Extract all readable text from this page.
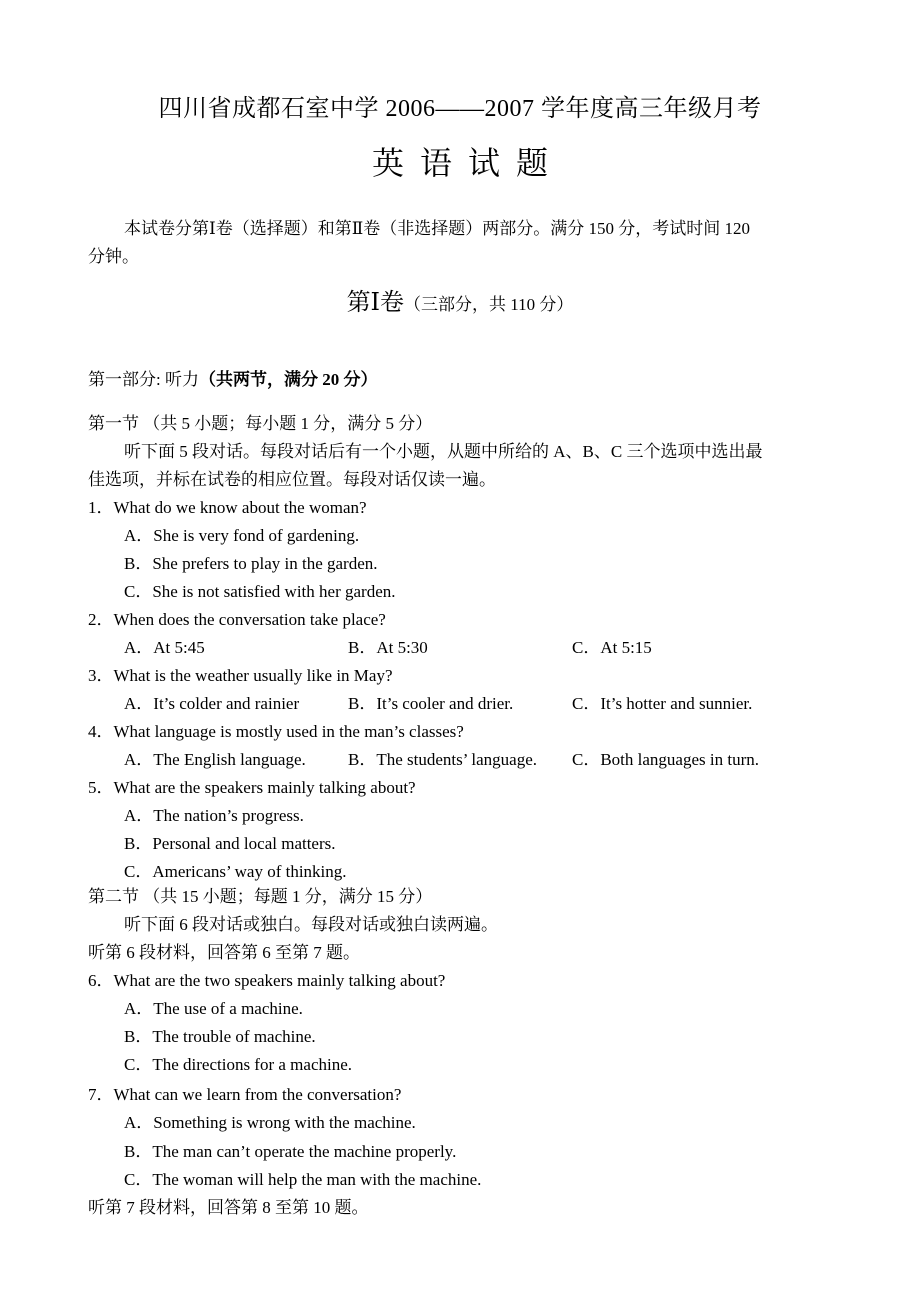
四川省成都石室中学 2006——2007 学年度高三年级月考
英语试题
本试卷分第Ⅰ卷（选择题）和第Ⅱ卷（非选择题）两部分。满分 150 分，考试时间 120
分钟。
第Ⅰ卷（三部分，共 110 分）
第一部分: 听力（共两节，满分 20 分）
第一节 （共 5 小题；每小题 1 分，满分 5 分）
听下面 5 段对话。每段对话后有一个小题，从题中所给的 A、B、C 三个选项中选出最
佳选项，并标在试卷的相应位置。每段对话仅读一遍。
1．What do we know about the woman?
A．She is very fond of gardening.
B．She prefers to play in the garden.
C．She is not satisfied with her garden.
2．When does the conversation take place?
A．At 5:45	B．At 5:30	C．At 5:15
3．What is the weather usually like in May?
A．It’s colder and rainier	B．It’s cooler and drier.	C．It’s hotter and sunnier.
4．What language is mostly used in the man’s classes?
A．The English language. B．The students’ language. C．Both languages in turn.
5．What are the speakers mainly talking about?
A．The nation’s progress.
B．Personal and local matters.
C．Americans’ way of thinking.
第二节 （共 15 小题；每题 1 分，满分 15 分）
听下面 6 段对话或独白。每段对话或独白读两遍。
听第 6 段材料，回答第 6 至第 7 题。
6．What are the two speakers mainly talking about?
A．The use of a machine.
B．The trouble of machine.
C．The directions for a machine.
7．What can we learn from the conversation?
A．Something is wrong with the machine.
B．The man can’t operate the machine properly.
C．The woman will help the man with the machine.
听第 7 段材料，回答第 8 至第 10 题。
